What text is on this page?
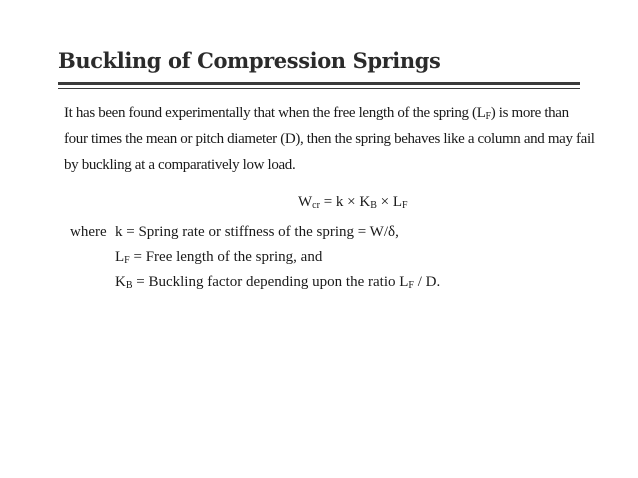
Buckling of Compression Springs
It has been found experimentally that when the free length of the spring $(L_F)$ is more than
four times the mean or pitch diameter (D), then the spring behaves like a column and may fail
by buckling at a comparatively low load.
$W_{cr} = k \times K_B \times L_F$
where k = Spring rate or stiffness of the spring = W/δ,
$L_F$ = Free length of the spring, and
$K_B$ = Buckling factor depending upon the ratio $L_F$ / D.
